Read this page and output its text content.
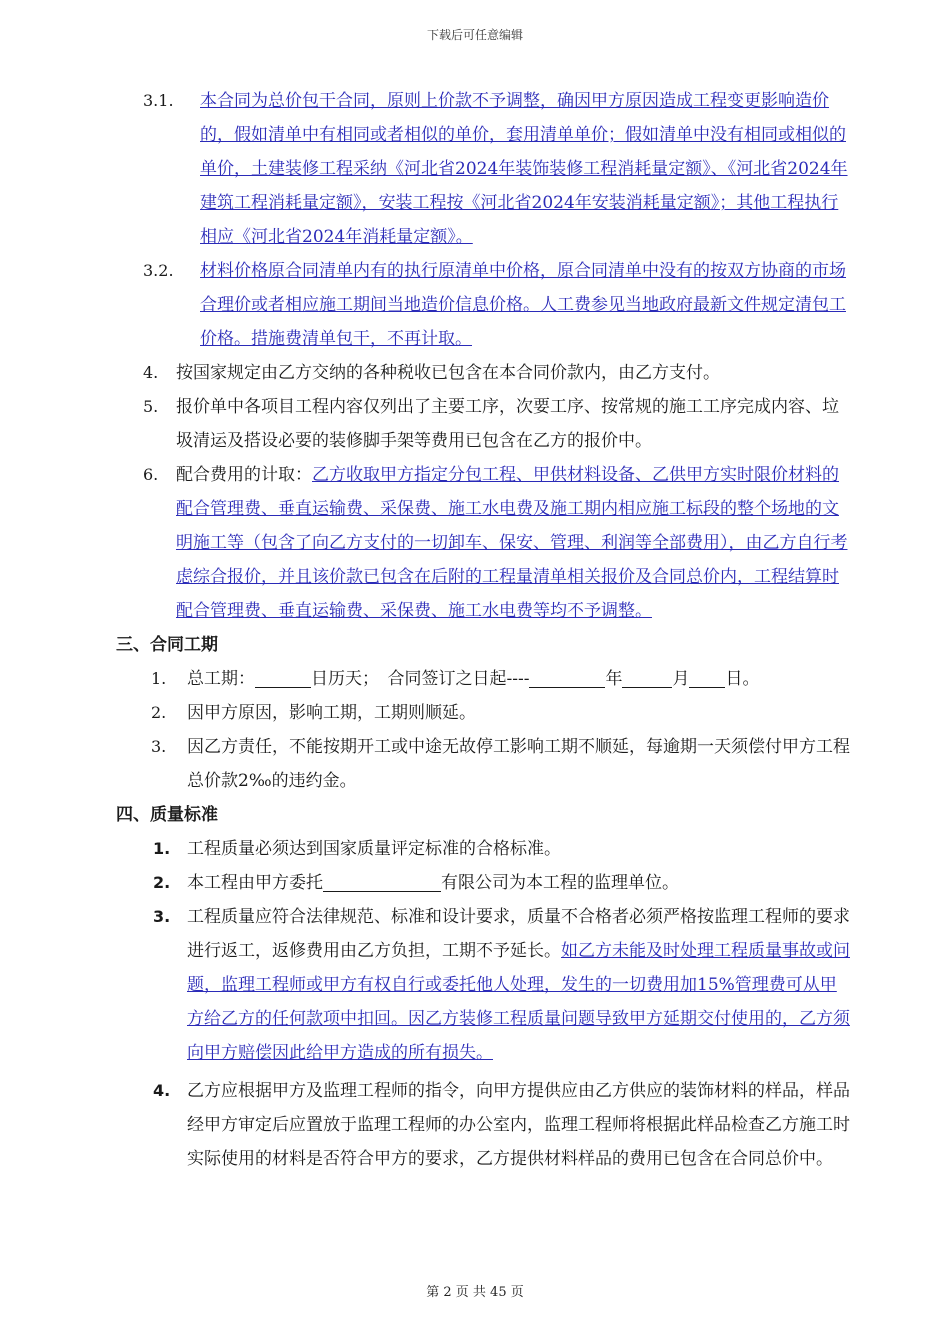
下载后可任意编辑
3.1. 本合同为总价包干合同，原则上价款不予调整，确因甲方原因造成工程变更影响造价的，假如清单中有相同或者相似的单价，套用清单单价；假如清单中没有相同或相似的单价，土建装修工程采纳《河北省2024年装饰装修工程消耗量定额》、《河北省2024年建筑工程消耗量定额》，安装工程按《河北省2024年安装消耗量定额》；其他工程执行相应《河北省2024年消耗量定额》。
3.2. 材料价格原合同清单内有的执行原清单中价格，原合同清单中没有的按双方协商的市场合理价或者相应施工期间当地造价信息价格。人工费参见当地政府最新文件规定清包工价格。措施费清单包干，不再计取。
4. 按国家规定由乙方交纳的各种税收已包含在本合同价款内，由乙方支付。
5. 报价单中各项目工程内容仅列出了主要工序，次要工序、按常规的施工工序完成内容、垃圾清运及搭设必要的装修脚手架等费用已包含在乙方的报价中。
6. 配合费用的计取：乙方收取甲方指定分包工程、甲供材料设备、乙供甲方实时限价材料的配合管理费、垂直运输费、采保费、施工水电费及施工期内相应施工标段的整个场地的文明施工等（包含了向乙方支付的一切卸车、保安、管理、利润等全部费用），由乙方自行考虑综合报价，并且该价款已包含在后附的工程量清单相关报价及合同总价内，工程结算时配合管理费、垂直运输费、采保费、施工水电费等均不予调整。
三、合同工期
1. 总工期：	日历天；　合同签订之日起----	年	月 日。
2. 因甲方原因，影响工期，工期则顺延。
3. 因乙方责任，不能按期开工或中途无故停工影响工期不顺延，每逾期一天须偿付甲方工程总价款2‰的违约金。
四、质量标准
1. 工程质量必须达到国家质量评定标准的合格标准。
2. 本工程由甲方委托	有限公司为本工程的监理单位。
3. 工程质量应符合法律规范、标准和设计要求，质量不合格者必须严格按监理工程师的要求进行返工，返修费用由乙方负担，工期不予延长。如乙方未能及时处理工程质量事故或问题，监理工程师或甲方有权自行或委托他人处理，发生的一切费用加15%管理费可从甲方给乙方的任何款项中扣回。因乙方装修工程质量问题导致甲方延期交付使用的，乙方须向甲方赔偿因此给甲方造成的所有损失。
4. 乙方应根据甲方及监理工程师的指令，向甲方提供应由乙方供应的装饰材料的样品，样品经甲方审定后应置放于监理工程师的办公室内，监理工程师将根据此样品检查乙方施工时实际使用的材料是否符合甲方的要求，乙方提供材料样品的费用已包含在合同总价中。
第 2 页 共 45 页
